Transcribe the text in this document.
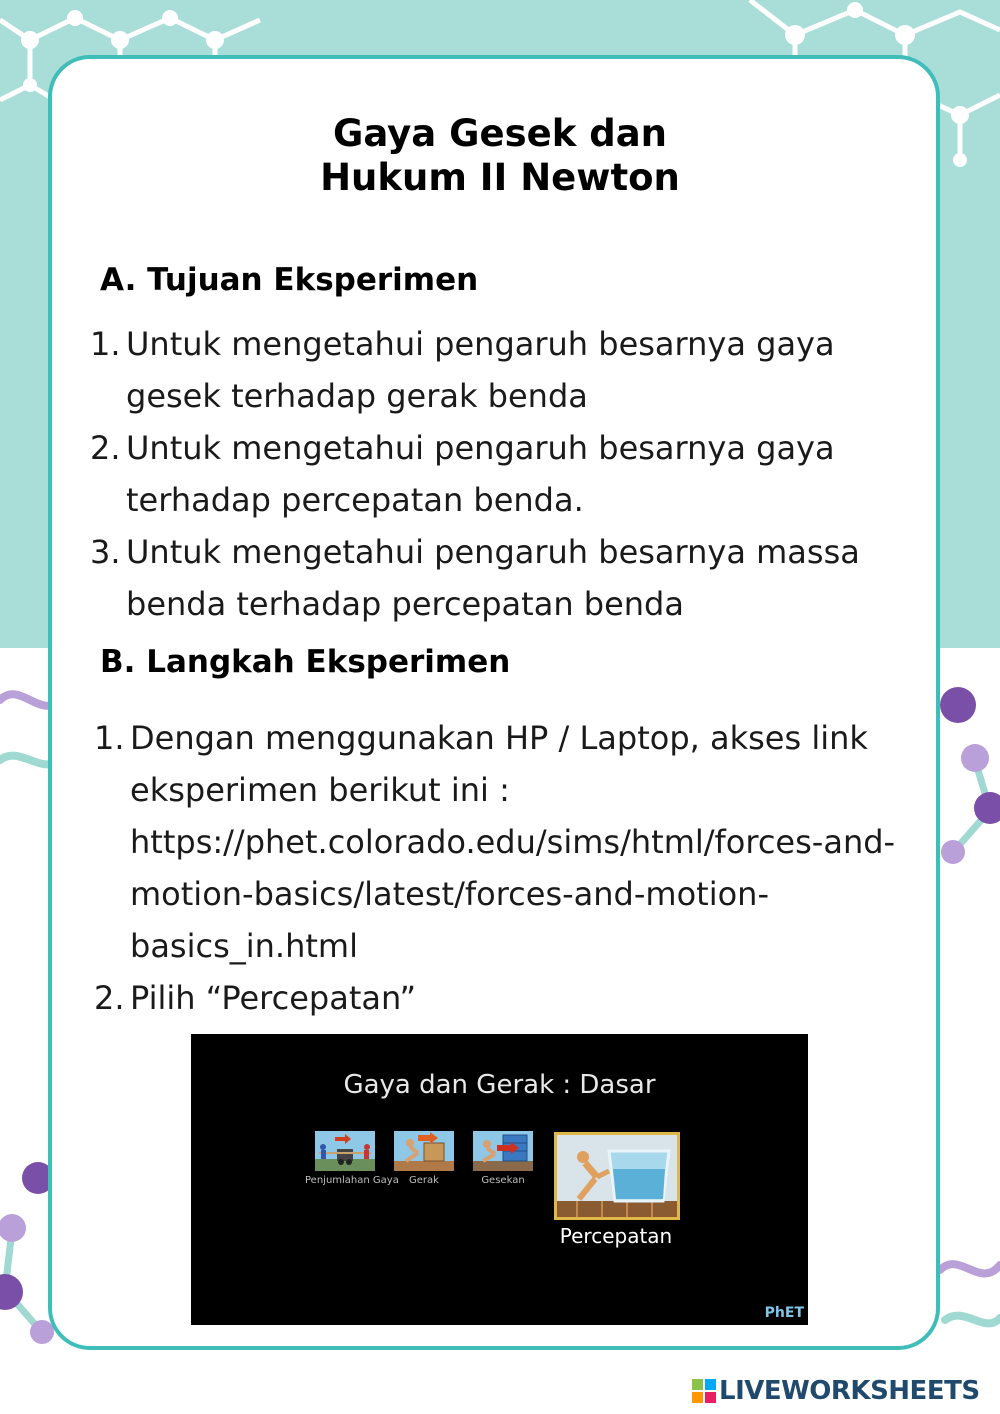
Gaya Gesek dan
Hukum II Newton
A. Tujuan Eksperimen
1. Untuk mengetahui pengaruh besarnya gaya gesek terhadap gerak benda
2. Untuk mengetahui pengaruh besarnya gaya terhadap percepatan benda.
3. Untuk mengetahui pengaruh besarnya massa benda terhadap percepatan benda
B. Langkah Eksperimen
1. Dengan menggunakan HP / Laptop, akses link eksperimen berikut ini : https://phet.colorado.edu/sims/html/forces-and-motion-basics/latest/forces-and-motion-basics_in.html
2. Pilih “Percepatan”
Gaya dan Gerak : Dasar
Penjumlahan Gaya	Gerak	Gesekan
Percepatan
PhET
LIVEWORKSHEETS
